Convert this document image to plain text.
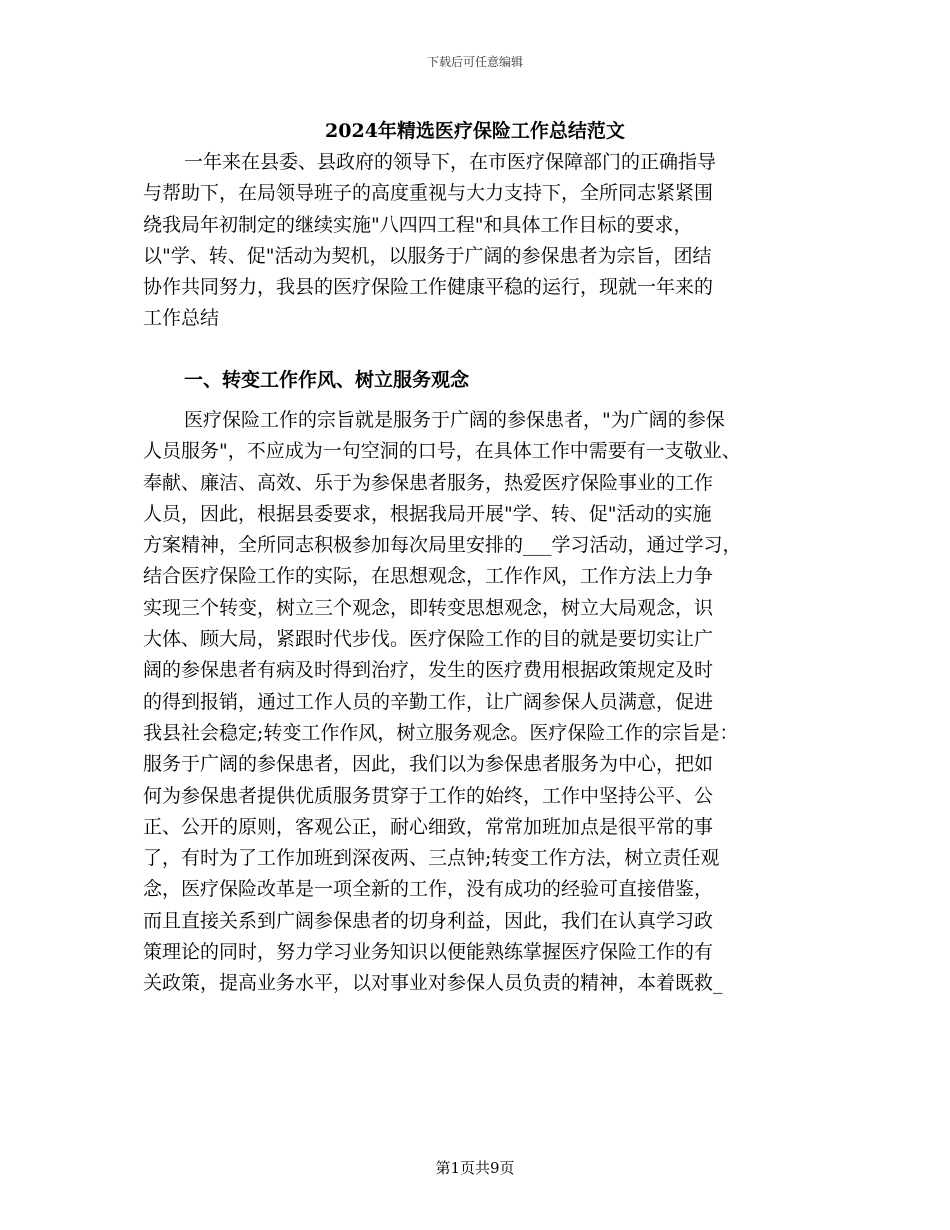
下载后可任意编辑
2024年精选医疗保险工作总结范文
一年来在县委、县政府的领导下，在市医疗保障部门的正确指导
与帮助下，在局领导班子的高度重视与大力支持下，全所同志紧紧围
绕我局年初制定的继续实施"八四四工程"和具体工作目标的要求，
以"学、转、促"活动为契机，以服务于广阔的参保患者为宗旨，团结
协作共同努力，我县的医疗保险工作健康平稳的运行，现就一年来的
工作总结
一、转变工作作风、树立服务观念
医疗保险工作的宗旨就是服务于广阔的参保患者，"为广阔的参保
人员服务"，不应成为一句空洞的口号，在具体工作中需要有一支敬业、
奉献、廉洁、高效、乐于为参保患者服务，热爱医疗保险事业的工作
人员，因此，根据县委要求，根据我局开展"学、转、促"活动的实施
方案精神，全所同志积极参加每次局里安排的___学习活动，通过学习，
结合医疗保险工作的实际，在思想观念，工作作风，工作方法上力争
实现三个转变，树立三个观念，即转变思想观念，树立大局观念，识
大体、顾大局，紧跟时代步伐。医疗保险工作的目的就是要切实让广
阔的参保患者有病及时得到治疗，发生的医疗费用根据政策规定及时
的得到报销，通过工作人员的辛勤工作，让广阔参保人员满意，促进
我县社会稳定;转变工作作风，树立服务观念。医疗保险工作的宗旨是：
服务于广阔的参保患者，因此，我们以为参保患者服务为中心，把如
何为参保患者提供优质服务贯穿于工作的始终，工作中坚持公平、公
正、公开的原则，客观公正，耐心细致，常常加班加点是很平常的事
了，有时为了工作加班到深夜两、三点钟;转变工作方法，树立责任观
念，医疗保险改革是一项全新的工作，没有成功的经验可直接借鉴，
而且直接关系到广阔参保患者的切身利益，因此，我们在认真学习政
策理论的同时，努力学习业务知识以便能熟练掌握医疗保险工作的有
关政策，提高业务水平，以对事业对参保人员负责的精神，本着既救_
第1页共9页
